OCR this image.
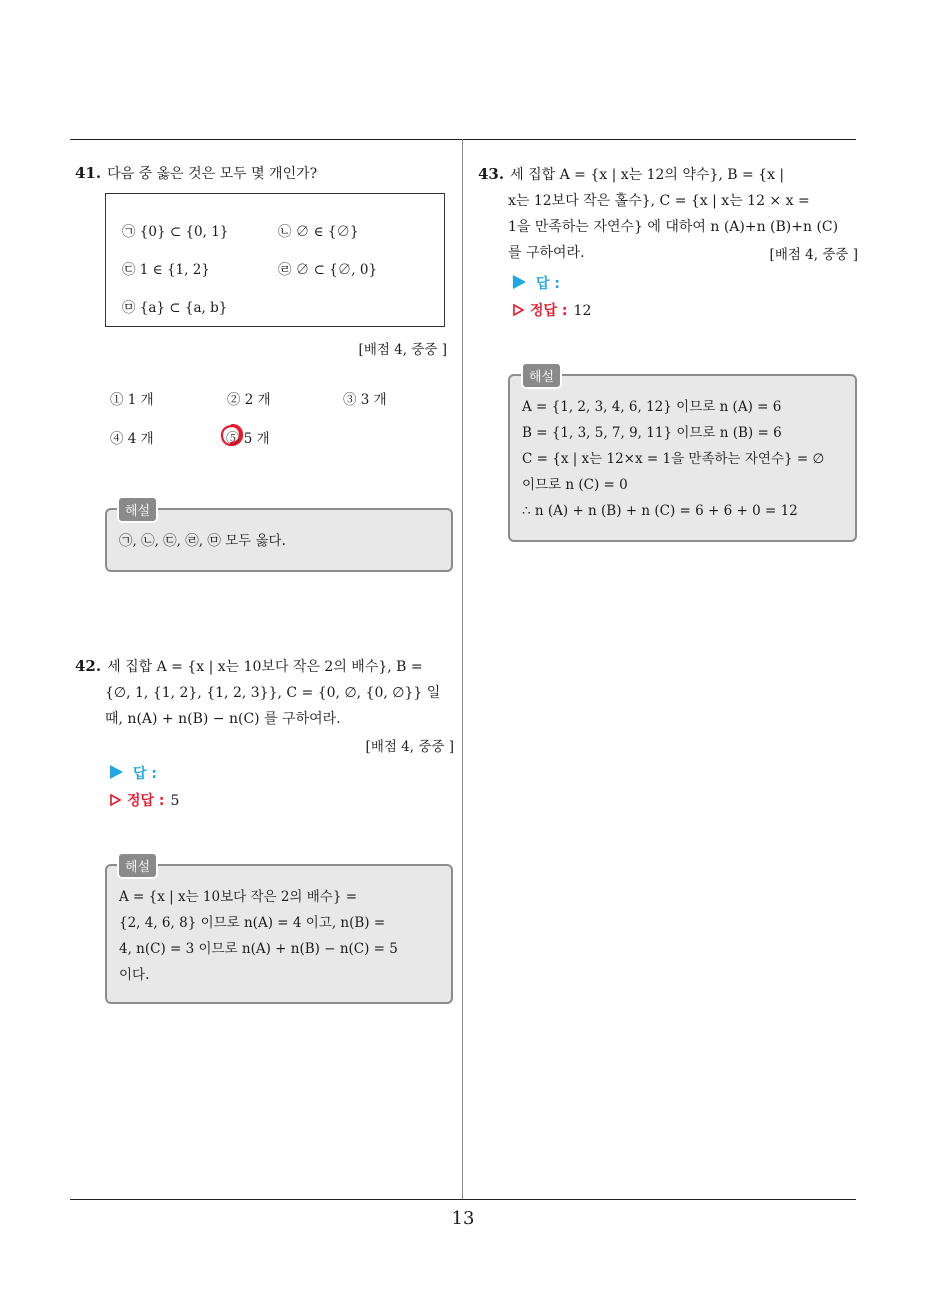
41. 다음 중 옳은 것은 모두 몇 개인가?
㉠ {0} ⊂ {0, 1}	㉡ ∅ ∈ {∅}
㉢ 1 ∈ {1, 2}	㉣ ∅ ⊂ {∅, 0}
㉤ {a} ⊂ {a, b}
[배점 4, 중중 ]
① 1 개	② 2 개	③ 3 개
④ 4 개	⑤ 5 개
㉠, ㉡, ㉢, ㉣, ㉤ 모두 옳다.
해설
42. 세 집합 A = {x | x는 10보다 작은 2의 배수}, B =
{∅, 1, {1, 2}, {1, 2, 3}}, C = {0, ∅, {0, ∅}} 일
때, n(A) + n(B) − n(C) 를 구하여라.
[배점 4, 중중 ]
답 :
정답 : 5
A = {x | x는 10보다 작은 2의 배수} =
{2, 4, 6, 8} 이므로 n(A) = 4 이고, n(B) =
4, n(C) = 3 이므로 n(A) + n(B) − n(C) = 5
이다.
해설
43. 세 집합 A = {x | x는 12의 약수}, B = {x |
x는 12보다 작은 홀수}, C = {x | x는 12 × x =
1을 만족하는 자연수} 에 대하여 n (A)+n (B)+n (C)
를 구하여라.	[배점 4, 중중 ]
답 :
정답 : 12
A = {1, 2, 3, 4, 6, 12} 이므로 n (A) = 6
B = {1, 3, 5, 7, 9, 11} 이므로 n (B) = 6
C = {x | x는 12×x = 1을 만족하는 자연수} = ∅
이므로 n (C) = 0
∴ n (A) + n (B) + n (C) = 6 + 6 + 0 = 12
해설
13
